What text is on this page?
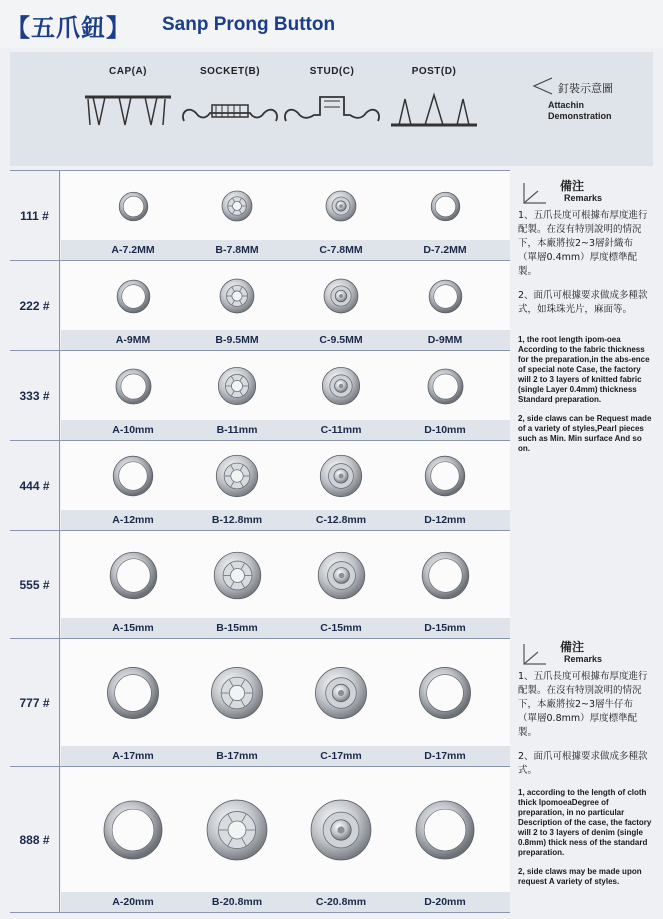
【五爪鈕】 Sanp Prong Button
CAP(A)	SOCKET(B)	STUD(C)	POST(D)
釘裝示意圖
Attachin
Demonstration
111 #
A-7.2MM	B-7.8MM	C-7.8MM	D-7.2MM
222 #
A-9MM	B-9.5MM	C-9.5MM	D-9MM
333 #
A-10mm	B-11mm	C-11mm	D-10mm
444 #
A-12mm	B-12.8mm	C-12.8mm	D-12mm
555 #
A-15mm	B-15mm	C-15mm	D-15mm
777 #
A-17mm	B-17mm	C-17mm	D-17mm
888 #
A-20mm	B-20.8mm	C-20.8mm	D-20mm
備注
Remarks

1、五爪長度可根據布厚度進行配製。在沒有特別說明的情況下，本廠將按2~3層針織布（單層0.4mm）厚度標準配製。

2、面爪可根據要求做成多種款式，如珠珠光片，麻面等。

1, the root length ipom-oea According to the fabric thickness for the preparation,in the abs-ence of special note Case, the factory will 2 to 3 layers of knitted fabric (single Layer 0.4mm) thickness Standard preparation.

2, side claws can be Request made of a variety of styles,Pearl pieces such as Min. Min surface And so on.

備注
Remarks

1、五爪長度可根據布厚度進行配製。在沒有特別說明的情況下，本廠將按2~3層牛仔布（單層0.8mm）厚度標準配製。

2、面爪可根據要求做成多種款式。

1, according to the length of cloth thick IpomoeaDegree of preparation, in no particular Description of the case, the factory will 2 to 3 layers of denim (single 0.8mm) thick ness of the standard preparation.

2, side claws may be made upon request A variety of styles.
